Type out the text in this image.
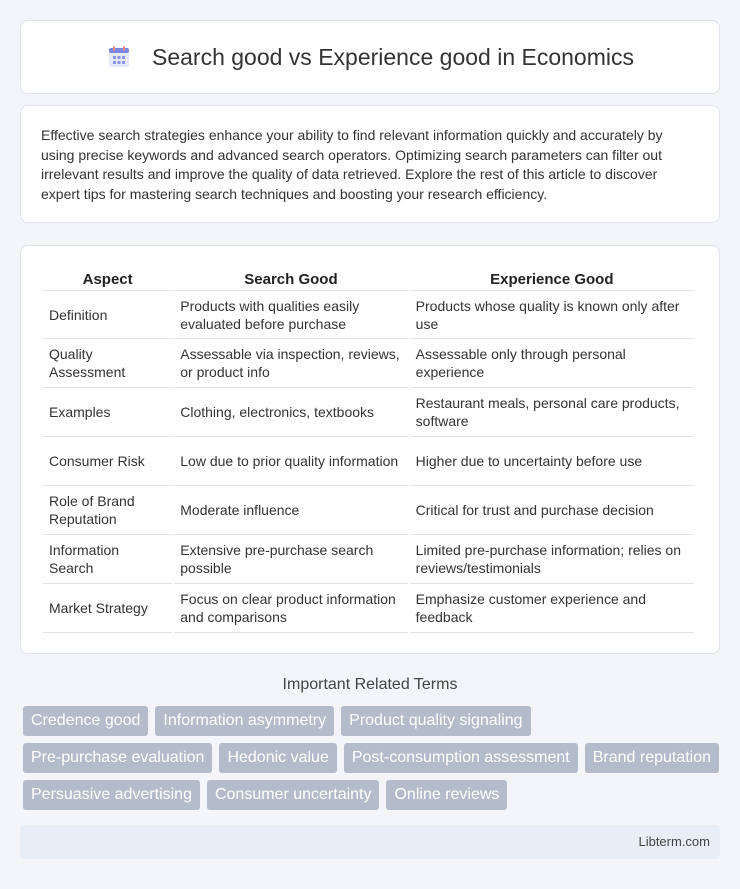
Search good vs Experience good in Economics

Effective search strategies enhance your ability to find relevant information quickly and accurately by using precise keywords and advanced search operators. Optimizing search parameters can filter out irrelevant results and improve the quality of data retrieved. Explore the rest of this article to discover expert tips for mastering search techniques and boosting your research efficiency.

Aspect	Search Good	Experience Good
Definition	Products with qualities easily evaluated before purchase	Products whose quality is known only after use
Quality Assessment	Assessable via inspection, reviews, or product info	Assessable only through personal experience
Examples	Clothing, electronics, textbooks	Restaurant meals, personal care products, software
Consumer Risk	Low due to prior quality information	Higher due to uncertainty before use
Role of Brand Reputation	Moderate influence	Critical for trust and purchase decision
Information Search	Extensive pre-purchase search possible	Limited pre-purchase information; relies on reviews/testimonials
Market Strategy	Focus on clear product information and comparisons	Emphasize customer experience and feedback
Important Related Terms
Credence good	Information asymmetry	Product quality signaling
Pre-purchase evaluation	Hedonic value	Post-consumption assessment	Brand reputation
Persuasive advertising	Consumer uncertainty	Online reviews
Libterm.com
